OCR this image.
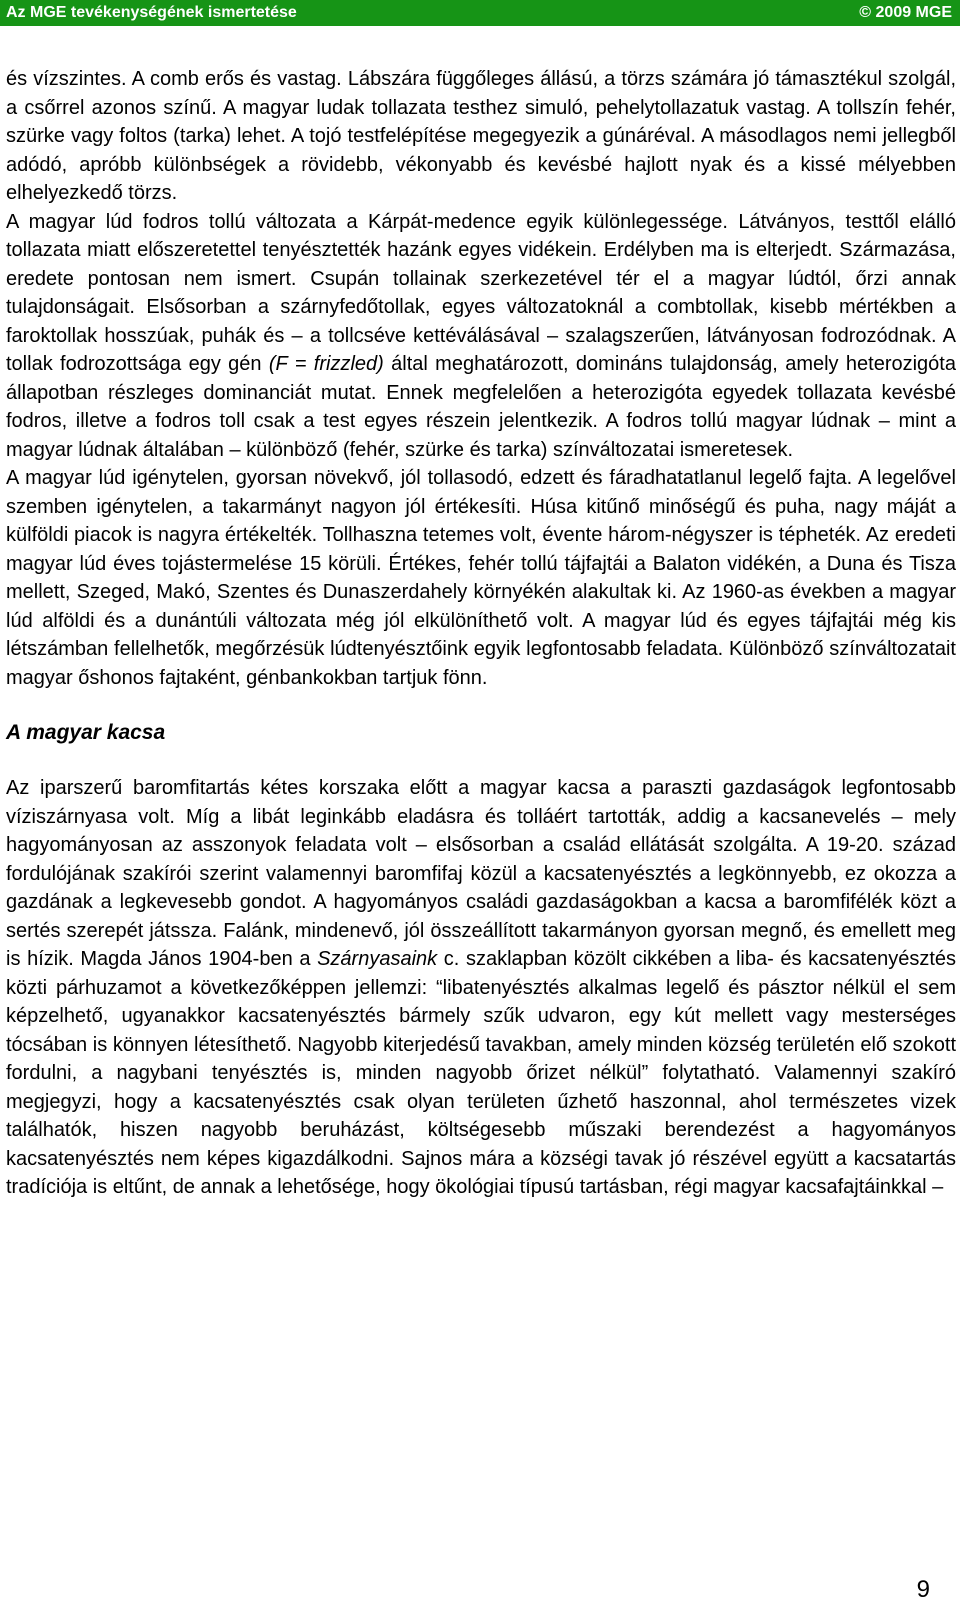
Az MGE tevékenységének ismertetése	© 2009 MGE

és vízszintes. A comb erős és vastag. Lábszára függőleges állású, a törzs számára jó támasztékul szolgál, a csőrrel azonos színű. A magyar ludak tollazata testhez simuló, pehelytollazatuk vastag. A tollszín fehér, szürke vagy foltos (tarka) lehet. A tojó testfelépítése megegyezik a gúnáréval. A másodlagos nemi jellegből adódó, apróbb különbségek a rövidebb, vékonyabb és kevésbé hajlott nyak és a kissé mélyebben elhelyezkedő törzs.

A magyar lúd fodros tollú változata a Kárpát-medence egyik különlegessége. Látványos, testtől elálló tollazata miatt előszeretettel tenyésztették hazánk egyes vidékein. Erdélyben ma is elterjedt. Származása, eredete pontosan nem ismert. Csupán tollainak szerkezetével tér el a magyar lúdtól, őrzi annak tulajdonságait. Elsősorban a szárnyfedőtollak, egyes változatoknál a combtollak, kisebb mértékben a faroktollak hosszúak, puhák és – a tollcséve kettéválásával – szalagszerűen, látványosan fodrozódnak. A tollak fodrozottsága egy gén (F = frizzled) által meghatározott, domináns tulajdonság, amely heterozigóta állapotban részleges dominanciát mutat. Ennek megfelelően a heterozigóta egyedek tollazata kevésbé fodros, illetve a fodros toll csak a test egyes részein jelentkezik. A fodros tollú magyar lúdnak – mint a magyar lúdnak általában – különböző (fehér, szürke és tarka) színváltozatai ismeretesek.

A magyar lúd igénytelen, gyorsan növekvő, jól tollasodó, edzett és fáradhatatlanul legelő fajta. A legelővel szemben igénytelen, a takarmányt nagyon jól értékesíti. Húsa kitűnő minőségű és puha, nagy máját a külföldi piacok is nagyra értékelték. Tollhaszna tetemes volt, évente három-négyszer is tépheték. Az eredeti magyar lúd éves tojástermelése 15 körüli. Értékes, fehér tollú tájfajtái a Balaton vidékén, a Duna és Tisza mellett, Szeged, Makó, Szentes és Dunaszerdahely környékén alakultak ki. Az 1960-as években a magyar lúd alföldi és a dunántúli változata még jól elkülöníthető volt. A magyar lúd és egyes tájfajtái még kis létszámban fellelhetők, megőrzésük lúdtenyésztőink egyik legfontosabb feladata. Különböző színváltozatait magyar őshonos fajtaként, génbankokban tartjuk fönn.

A magyar kacsa

Az iparszerű baromfitartás kétes korszaka előtt a magyar kacsa a paraszti gazdaságok legfontosabb víziszárnyasa volt. Míg a libát leginkább eladásra és tolláért tartották, addig a kacsanevelés – mely hagyományosan az asszonyok feladata volt – elsősorban a család ellátását szolgálta. A 19-20. század fordulójának szakírói szerint valamennyi baromfifaj közül a kacsatenyésztés a legkönnyebb, ez okozza a gazdának a legkevesebb gondot. A hagyományos családi gazdaságokban a kacsa a baromfifélék közt a sertés szerepét játssza. Falánk, mindenevő, jól összeállított takarmányon gyorsan megnő, és emellett meg is hízik. Magda János 1904-ben a Szárnyasaink c. szaklapban közölt cikkében a liba- és kacsatenyésztés közti párhuzamot a következőképpen jellemzi: “libatenyésztés alkalmas legelő és pásztor nélkül el sem képzelhető, ugyanakkor kacsatenyésztés bármely szűk udvaron, egy kút mellett vagy mesterséges tócsában is könnyen létesíthető. Nagyobb kiterjedésű tavakban, amely minden község területén elő szokott fordulni, a nagybani tenyésztés is, minden nagyobb őrizet nélkül” folytatható. Valamennyi szakíró megjegyzi, hogy a kacsatenyésztés csak olyan területen űzhető haszonnal, ahol természetes vizek találhatók, hiszen nagyobb beruházást, költségesebb műszaki berendezést a hagyományos kacsatenyésztés nem képes kigazdálkodni. Sajnos mára a községi tavak jó részével együtt a kacsatartás tradíciója is eltűnt, de annak a lehetősége, hogy ökológiai típusú tartásban, régi magyar kacsafajtáinkkal –

9
